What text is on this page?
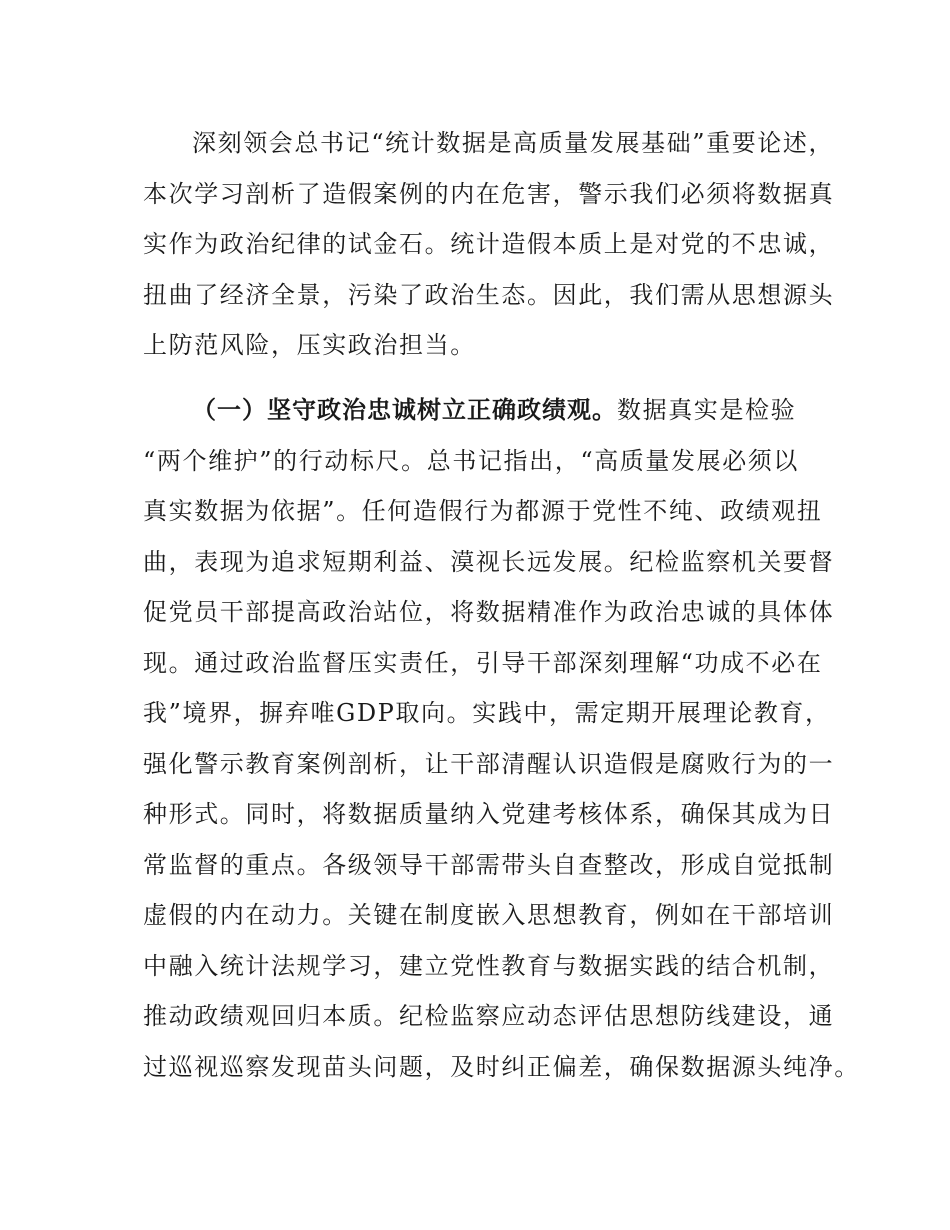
深刻领会总书记“统计数据是高质量发展基础”重要论述，
本次学习剖析了造假案例的内在危害，警示我们必须将数据真
实作为政治纪律的试金石。统计造假本质上是对党的不忠诚，
扭曲了经济全景，污染了政治生态。因此，我们需从思想源头
上防范风险，压实政治担当。
（一）坚守政治忠诚树立正确政绩观。数据真实是检验
“两个维护”的行动标尺。总书记指出，“高质量发展必须以
真实数据为依据”。任何造假行为都源于党性不纯、政绩观扭
曲，表现为追求短期利益、漠视长远发展。纪检监察机关要督
促党员干部提高政治站位，将数据精准作为政治忠诚的具体体
现。通过政治监督压实责任，引导干部深刻理解“功成不必在
我”境界，摒弃唯GDP取向。实践中，需定期开展理论教育，
强化警示教育案例剖析，让干部清醒认识造假是腐败行为的一
种形式。同时，将数据质量纳入党建考核体系，确保其成为日
常监督的重点。各级领导干部需带头自查整改，形成自觉抵制
虚假的内在动力。关键在制度嵌入思想教育，例如在干部培训
中融入统计法规学习，建立党性教育与数据实践的结合机制，
推动政绩观回归本质。纪检监察应动态评估思想防线建设，通
过巡视巡察发现苗头问题，及时纠正偏差，确保数据源头纯净。
